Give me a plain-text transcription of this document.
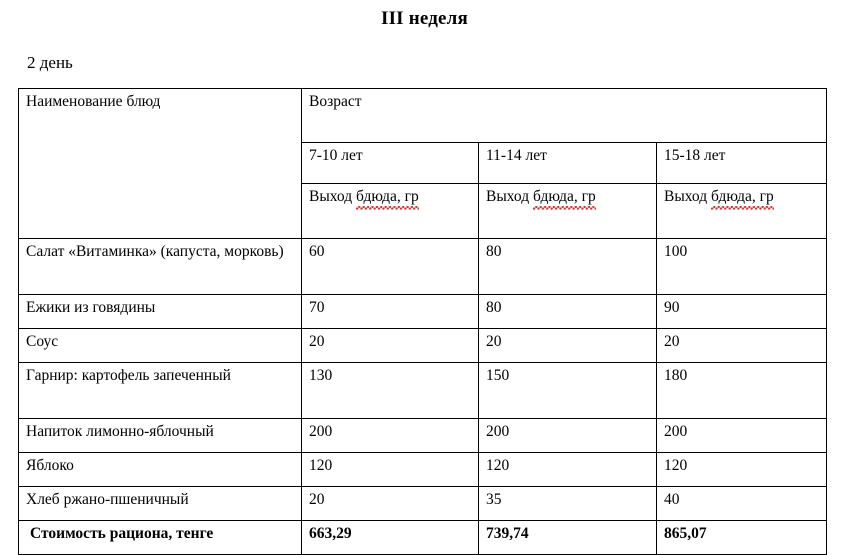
III неделя
2 день
Наименование блюд	Возраст		
	7-10 лет	11-14 лет	15-18 лет
	Выход бдюда, гр	Выход бдюда, гр	Выход бдюда, гр
Салат «Витаминка» (капуста, морковь)	60	80	100
Ежики из говядины	70	80	90
Соус	20	20	20
Гарнир: картофель запеченный	130	150	180
Напиток лимонно-яблочный	200	200	200
Яблоко	120	120	120
Хлеб ржано-пшеничный	20	35	40
Стоимость рациона, тенге	663,29	739,74	865,07
